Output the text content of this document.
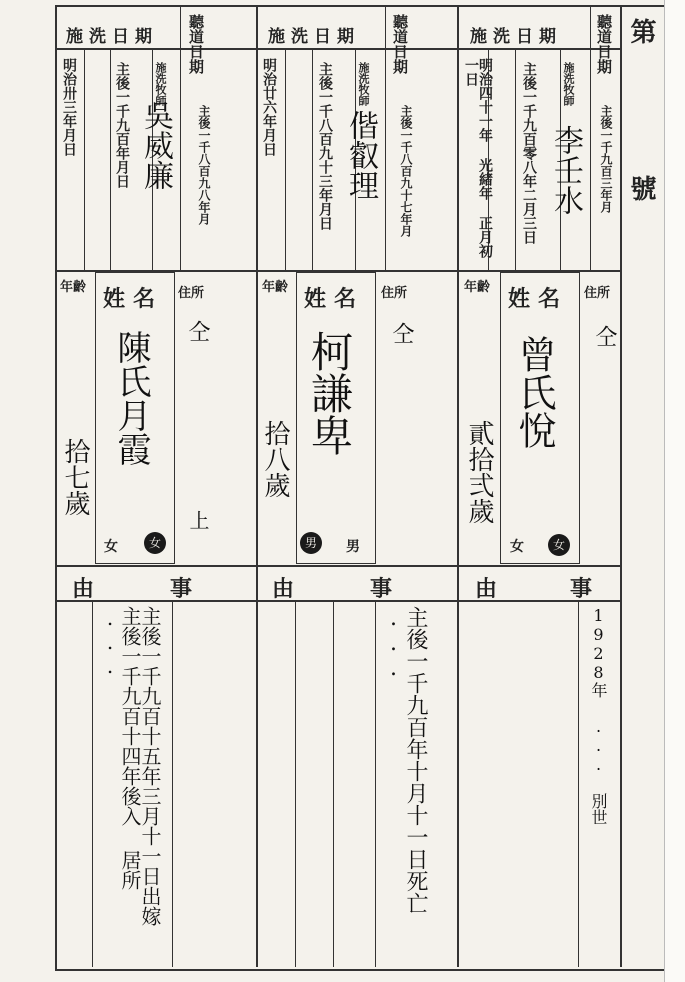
第
號
施洗日期 聽道日期
主後一千九百三年月
施洗牧師
李壬水
主後一千九百零八年二月三日
明治四十一年 光緒年 正月初一日
年齡 姓名 住所
仝
曾氏悅
貳拾弍歲
女	女
由	事
1928年 ... 別世
施洗日期 聽道日期
主後一千八百九十七年月
施洗牧師
偕叡理
主後一千八百九十三年月日
明治廿六年月日
年齡 姓名 住所
仝
柯謙卑
拾八歲
男	男
由	事
主後一千九百年十月十一日死亡 ...
施洗日期 聽道日期
主後一千八百九八年月
施洗牧師
吳威廉
主後一千九百年月日
明治卅三年月日
年齡 姓名 住所
仝
上
陳氏月霞
拾七歲
女	女
由	事
主後一千九百十五年三月十一日出嫁 主後一千九百十四年後入 居所 ...
